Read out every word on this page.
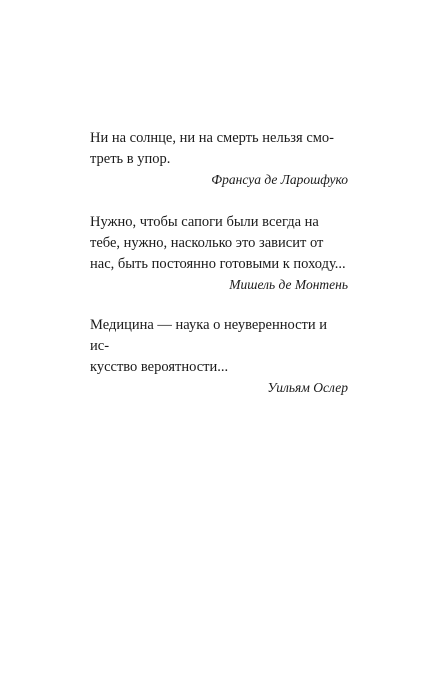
Ни на солнце, ни на смерть нельзя смо-
треть в упор.

Франсуа де Ларошфуко

Нужно, чтобы сапоги были всегда на
тебе, нужно, насколько это зависит от
нас, быть постоянно готовыми к походу...

Мишель де Монтень

Медицина — наука о неуверенности и ис-
кусство вероятности...

Уильям Ослер
